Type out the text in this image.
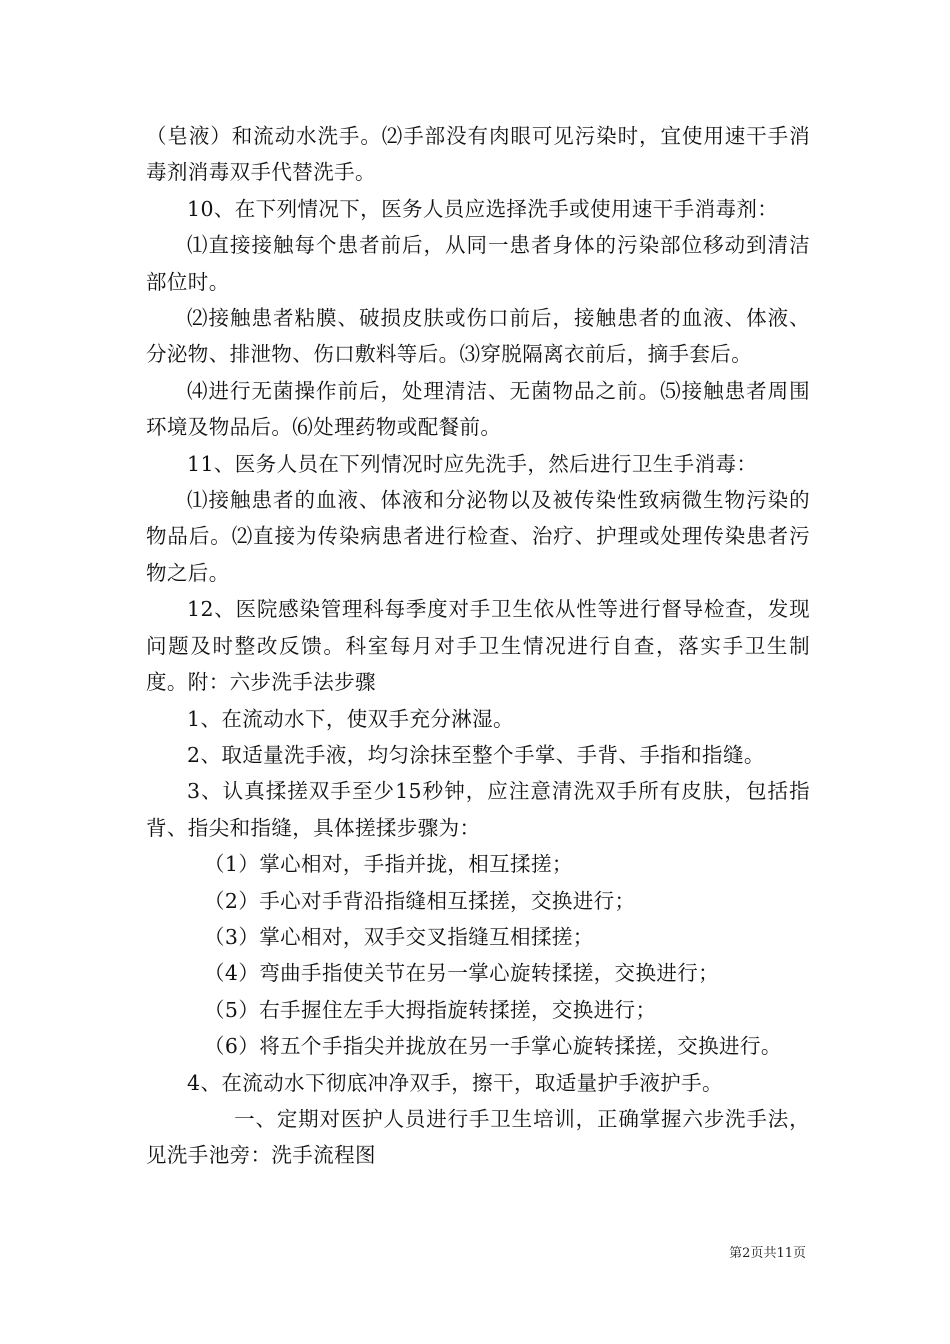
（皂液）和流动水洗手。⑵手部没有肉眼可见污染时，宜使用速干手消毒剂消毒双手代替洗手。

10、在下列情况下，医务人员应选择洗手或使用速干手消毒剂：

⑴直接接触每个患者前后，从同一患者身体的污染部位移动到清洁部位时。

⑵接触患者粘膜、破损皮肤或伤口前后，接触患者的血液、体液、分泌物、排泄物、伤口敷料等后。⑶穿脱隔离衣前后，摘手套后。

⑷进行无菌操作前后，处理清洁、无菌物品之前。⑸接触患者周围环境及物品后。⑹处理药物或配餐前。

11、医务人员在下列情况时应先洗手，然后进行卫生手消毒：

⑴接触患者的血液、体液和分泌物以及被传染性致病微生物污染的物品后。⑵直接为传染病患者进行检查、治疗、护理或处理传染患者污物之后。

12、医院感染管理科每季度对手卫生依从性等进行督导检查，发现问题及时整改反馈。科室每月对手卫生情况进行自查，落实手卫生制度。附：六步洗手法步骤

1、在流动水下，使双手充分淋湿。

2、取适量洗手液，均匀涂抹至整个手掌、手背、手指和指缝。

3、认真揉搓双手至少15秒钟，应注意清洗双手所有皮肤，包括指背、指尖和指缝，具体搓揉步骤为：

（1）掌心相对，手指并拢，相互揉搓；

（2）手心对手背沿指缝相互揉搓，交换进行；

（3）掌心相对，双手交叉指缝互相揉搓；

（4）弯曲手指使关节在另一掌心旋转揉搓，交换进行；

（5）右手握住左手大拇指旋转揉搓，交换进行；

（6）将五个手指尖并拢放在另一手掌心旋转揉搓，交换进行。

4、在流动水下彻底冲净双手，擦干，取适量护手液护手。

一、定期对医护人员进行手卫生培训，正确掌握六步洗手法，见洗手池旁：洗手流程图

第2页共11页
